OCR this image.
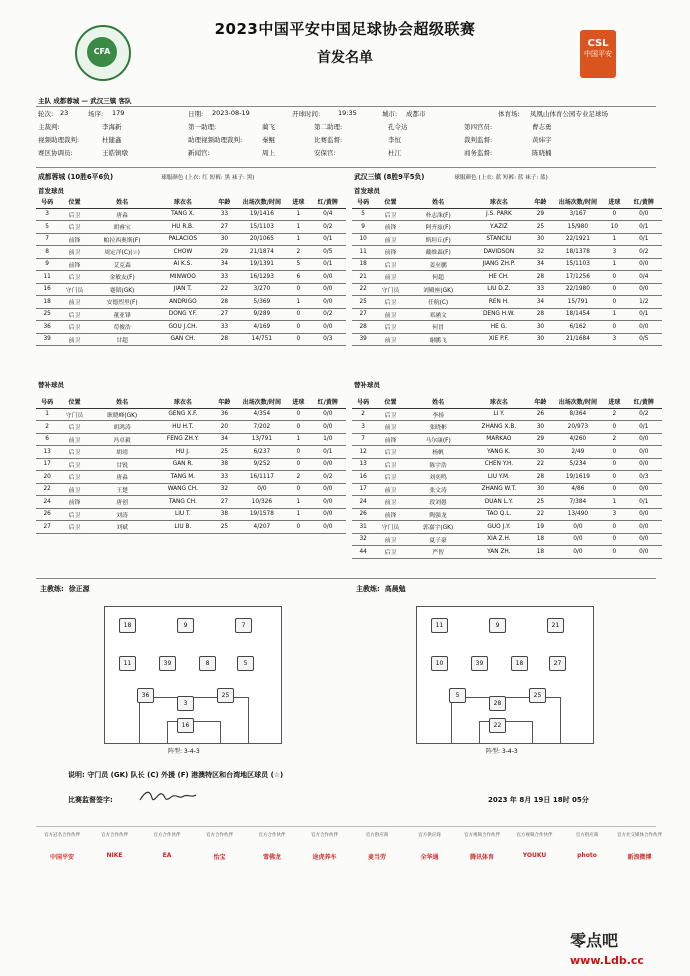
CFA
CSL
中国平安
2023中国平安中国足球协会超级联赛
首发名单
主队 成都蓉城 — 武汉三镇 客队
轮次: 23	场序: 179	日期: 2023-08-19	开球时间:	19:35	城市: 成都市	体育场: 凤凰山体育公园专业足球场
主裁判:	李海新	第一助理:	蔺飞	第二助理:	孔令达	第四官员:	曹志勇
视频助理裁判:	杜健鑫	助理视频助理裁判:	秦鲲	比赛监督:	李恒	裁判监督:	黄炜宇
赛区协调员:	王皓镇墩	新闻官:	周上	安保官:	杜江	商务监督:	陈晓楠
成都蓉城 (10胜6平6负)	球服颜色 (上衣: 红 短裤: 黑 袜子: 黑)	武汉三镇 (8胜9平5负)	球服颜色 (上衣: 蓝 短裤: 蓝 袜子: 蓝)
首发球员	首发球员
号码	位置	姓名	球衣名	年龄	出场次数/时间	进球	红/黄牌
3	后卫	唐淼	TANG X.	33	19/1416	1	0/4
5	后卫	胡睿宝	HU R.B.	27	15/1103	1	0/2
7	前锋	帕拉西奥斯(F)	PALACIOS	30	20/1065	1	0/1
8	前卫	周定洋(C)(☆)	CHOW	29	21/1874	2	0/5
9	前锋	艾克森	AI K.S.	34	19/1391	5	0/1
11	后卫	金敏友(F)	MINWOO	33	16/1293	6	0/0
16	守门员	蹇韬(GK)	JIAN T.	22	3/270	0	0/0
18	前卫	安德烈里(F)	ANDRIGO	28	5/369	1	0/0
25	后卫	董亚锋	DONG Y.F.	27	9/289	0	0/2
36	后卫	苟俊浩	GOU J.CH.	33	4/169	0	0/0
39	前卫	甘超	GAN CH.	28	14/751	0	0/3
号码	位置	姓名	球衣名	年龄	出场次数/时间	进球	红/黄牌
5	后卫	朴志洙(F)	J.S. PARK	29	3/167	0	0/0
9	前锋	阿齐兹(F)	Y.AZIZ	25	15/980	10	0/1
10	前卫	斯坦丘(F)	STANCIU	30	22/1921	1	0/1
11	前锋	戴维森(F)	DAVIDSON	32	18/1378	3	0/2
18	后卫	姜至鹏	JIANG ZH.P.	34	15/1103	1	0/0
21	前卫	何超	HE CH.	28	17/1256	0	0/4
22	守门员	刘殿座(GK)	LIU D.Z.	33	22/1980	0	0/0
25	后卫	任航(C)	REN H.	34	15/791	0	1/2
27	前卫	邓涵文	DENG H.W.	28	18/1454	1	0/1
28	后卫	何冒	HE G.	30	6/162	0	0/0
39	前卫	谢鹏飞	XIE P.F.	30	21/1684	3	0/5
替补球员	替补球员
号码	位置	姓名	球衣名	年龄	出场次数/时间	进球	红/黄牌
1	守门员	耿晓峰(GK)	GENG X.F.	36	4/354	0	0/0
2	后卫	胡鸿涛	HU H.T.	20	7/202	0	0/0
6	前卫	冯卓毅	FENG ZH.Y.	34	13/791	1	1/0
13	后卫	胡靖	HU J.	25	6/237	0	0/1
17	后卫	甘锐	GAN R.	38	9/252	0	0/0
20	后卫	唐淼	TANG M.	33	16/1117	2	0/2
22	前卫	王楚	WANG CH.	32	0/0	0	0/0
24	前锋	唐创	TANG CH.	27	10/326	1	0/0
26	后卫	刘涛	LIU T.	38	19/1578	1	0/0
27	后卫	刘斌	LIU B.	25	4/207	0	0/0
号码	位置	姓名	球衣名	年龄	出场次数/时间	进球	红/黄牌
2	后卫	李扬	LI Y.	26	8/364	2	0/2
3	前卫	张晓彬	ZHANG X.B.	30	20/973	0	0/1
7	前锋	马尔康(F)	MARKAO	29	4/260	2	0/0
12	后卫	杨帆	YANG K.	30	2/49	0	0/0
13	后卫	陈宇浩	CHEN Y.H.	22	5/234	0	0/0
16	后卫	刘奕鸣	LIU Y.M.	28	19/1619	0	0/3
17	前卫	张文涛	ZHANG W.T.	30	4/86	0	0/0
24	前卫	段刘愚	DUAN L.Y.	25	7/384	1	0/1
26	前锋	陶强龙	TAO Q.L.	22	13/490	3	0/0
31	守门员	郭嘉宇(GK)	GUO J.Y.	19	0/0	0	0/0
32	前卫	夏子豪	XIA Z.H.	18	0/0	0	0/0
44	后卫	严智	YAN ZH.	18	0/0	0	0/0
主教练: 徐正源	主教练: 高晨勉
18	9	7
11	39	8	5
36
3
25
16
11	9	21
10	39	18	27
5
28
25
22
阵型: 3-4-3	阵型: 3-4-3
说明: 守门员 (GK) 队长 (C) 外援 (F) 港澳特区和台湾地区球员 (☆)
比赛监督签字:	2023 年 8月 19日 18时 05分
官方冠名合作伙伴
中国平安
官方合作伙伴
NIKE
官方合作伙伴
EA
官方合作伙伴
怡宝
官方合作伙伴
雪佛龙
官方合作伙伴
途虎养车
官方供应商
麦当劳
官方供应商
全华通
官方视频合作伙伴
腾讯体育
官方视频合作伙伴
YOUKU
官方供应商
photo
官方社交媒体合作伙伴
新浪微博
零点吧
www.Ldb.cc
